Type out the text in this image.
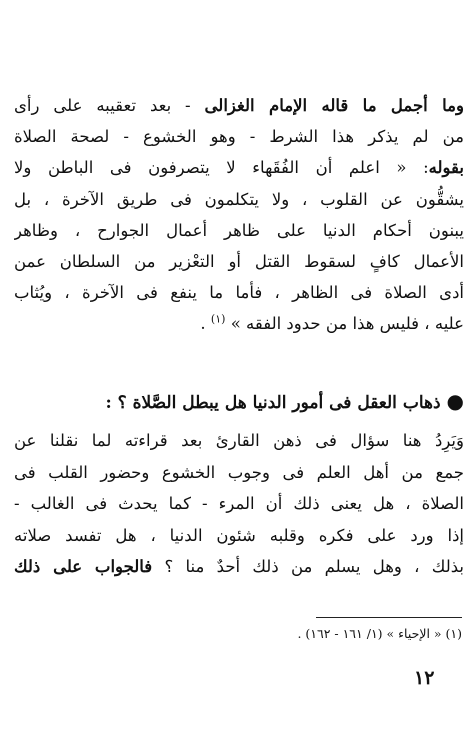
وما أجمل ما قاله الإمام الغزالى - بعد تعقيبه على رأى
من لم يذكر هذا الشرط - وهو الخشوع - لصحة الصلاة
بقوله: « اعلم أن الفُقَهاء لا يتصرفون فى الباطن ولا
يشقُّون عن القلوب ، ولا يتكلمون فى طريق الآخرة ، بل
يبنون أحكام الدنيا على ظاهر أعمال الجوارح ، وظاهر
الأعمال كافٍ لسقوط القتل أو التعْزير من السلطان عمن
أدى الصلاة فى الظاهر ، فأما ما ينفع فى الآخرة ، ويُثاب
عليه ، فليس هذا من حدود الفقه » $^{(١)}$ .
●ذهاب العقل فى أمور الدنيا هل يبطل الصَّلاة ؟ :
وَيَرِدُ هنا سؤال فى ذهن القارئ بعد قراءته لما نقلنا عن
جمع من أهل العلم فى وجوب الخشوع وحضور القلب فى
الصلاة ، هل يعنى ذلك أن المرء - كما يحدث فى الغالب -
إذا ورد على فكره وقلبه شئون الدنيا ، هل تفسد صلاته
بذلك ، وهل يسلم من ذلك أحدٌ منا ؟ فالجواب على ذلك
(١) « الإحياء » (١/ ١٦١ - ١٦٢) .
١٢
